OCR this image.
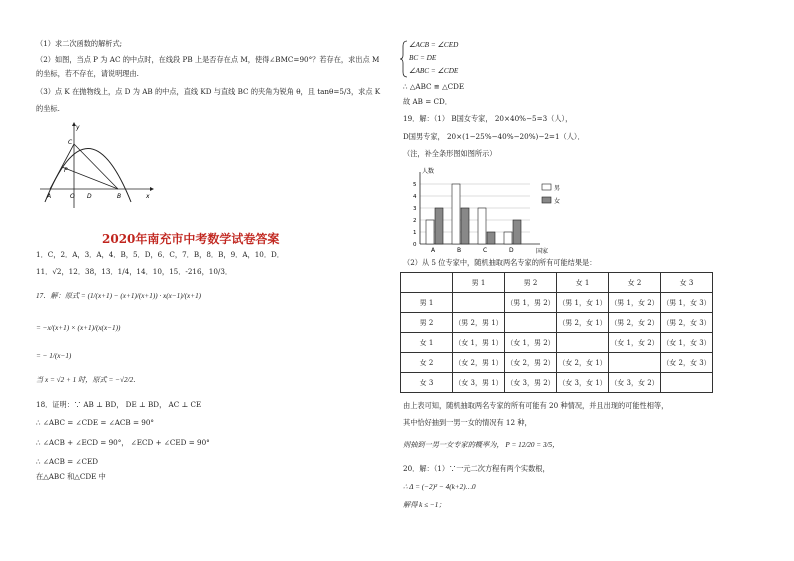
（1）求二次函数的解析式;
（2）如图，当点 P 为 AC 的中点时，在线段 PB 上是否存在点 M，使得∠BMC=90°？若存在，求出点 M
的坐标，若不存在，请说明理由.
（3）点 K 在抛物线上，点 D 为 AB 的中点，直线 KD 与直线 BC 的夹角为锐角 θ，且 tanθ=5/3，求点 K
的坐标.
y
C
P
A	O D	B	x
2020年南充市中考数学试卷答案
1．C，2．A，3．A，4．B，5．D，6．C，7．B，8．B，9．A，10．D．
11．√2，12．38，13．1/4，14．10，15．-216，10/3．
17．解：原式 = (1/(x+1) − (x+1)/(x+1)) · x(x−1)/(x+1)
= −x/(x+1) × (x+1)/(x(x−1))
= − 1/(x−1)
当 x = √2 + 1 时，原式 = −√2/2．
18．证明：∵ AB ⊥ BD， DE ⊥ BD， AC ⊥ CE
∴ ∠ABC = ∠CDE = ∠ACB = 90°
∴ ∠ACB + ∠ECD = 90°， ∠ECD + ∠CED = 90°
∴ ∠ACB = ∠CED
在△ABC 和△CDE 中
∠ACB = ∠CED
BC = DE
∠ABC = ∠CDE
∴ △ABC ≌ △CDE
故 AB = CD．
19．解：（1） B国女专家， 20×40%−5=3（人），
D国男专家， 20×(1−25%−40%−20%)−2=1（人）．
（注，补全条形图如图所示）
人数
国家
1
2
3
4
5
0
A	B	C	D
男
女
（2）从 5 位专家中，随机抽取两名专家的所有可能结果是：
	男 1	男 2	女 1	女 2	女 3
男 1		（男 1，男 2）	（男 1，女 1）	（男 1，女 2）	（男 1，女 3）
男 2	（男 2，男 1）		（男 2，女 1）	（男 2，女 2）	（男 2，女 3）
女 1	（女 1，男 1）	（女 1，男 2）		（女 1，女 2）	（女 1，女 3）
女 2	（女 2，男 1）	（女 2，男 2）	（女 2，女 1）		（女 2，女 3）
女 3	（女 3，男 1）	（女 3，男 2）	（女 3，女 1）	（女 3，女 2）	
由上表可知，随机抽取两名专家的所有可能有 20 种情况，并且出现的可能性相等，
其中恰好抽到一男一女的情况有 12 种，
则抽到一男一女专家的概率为， P = 12/20 = 3/5，
20．解：（1）∵一元二次方程有两个实数根，
∴ Δ = (−2)² − 4(k+2)…0
解得 k ≤ −1；
